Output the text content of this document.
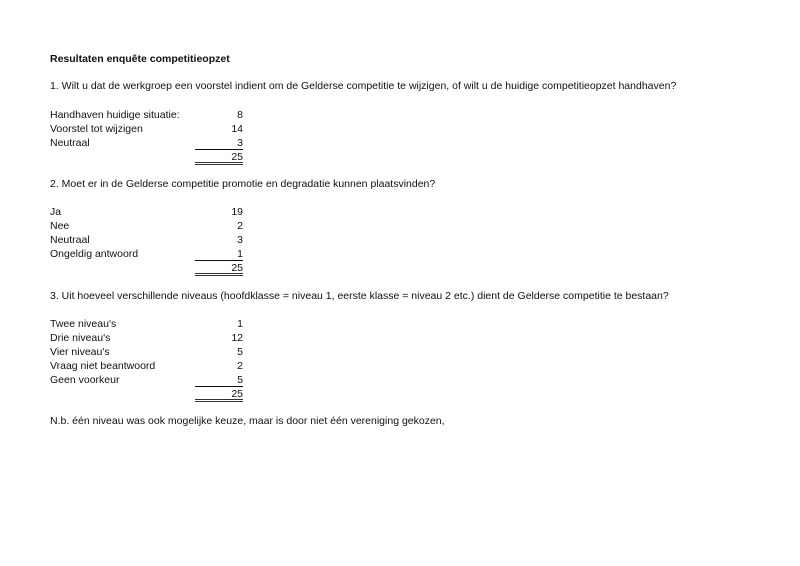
Resultaten enquête competitieopzet
1. Wilt u dat de werkgroep een voorstel indient om de Gelderse competitie te wijzigen, of wilt u de huidige competitieopzet handhaven?
Handhaven huidige situatie:	8
Voorstel tot wijzigen	14
Neutraal	3
25
2. Moet er in de Gelderse competitie promotie en degradatie kunnen plaatsvinden?
Ja	19
Nee	2
Neutraal	3
Ongeldig antwoord	1
25
3. Uit hoeveel verschillende niveaus (hoofdklasse = niveau 1, eerste klasse = niveau 2 etc.) dient de Gelderse competitie te bestaan?
Twee niveau's	1
Drie niveau's	12
Vier niveau's	5
Vraag niet beantwoord	2
Geen voorkeur	5
25
N.b. één niveau was ook mogelijke keuze, maar is door niet één vereniging gekozen,
